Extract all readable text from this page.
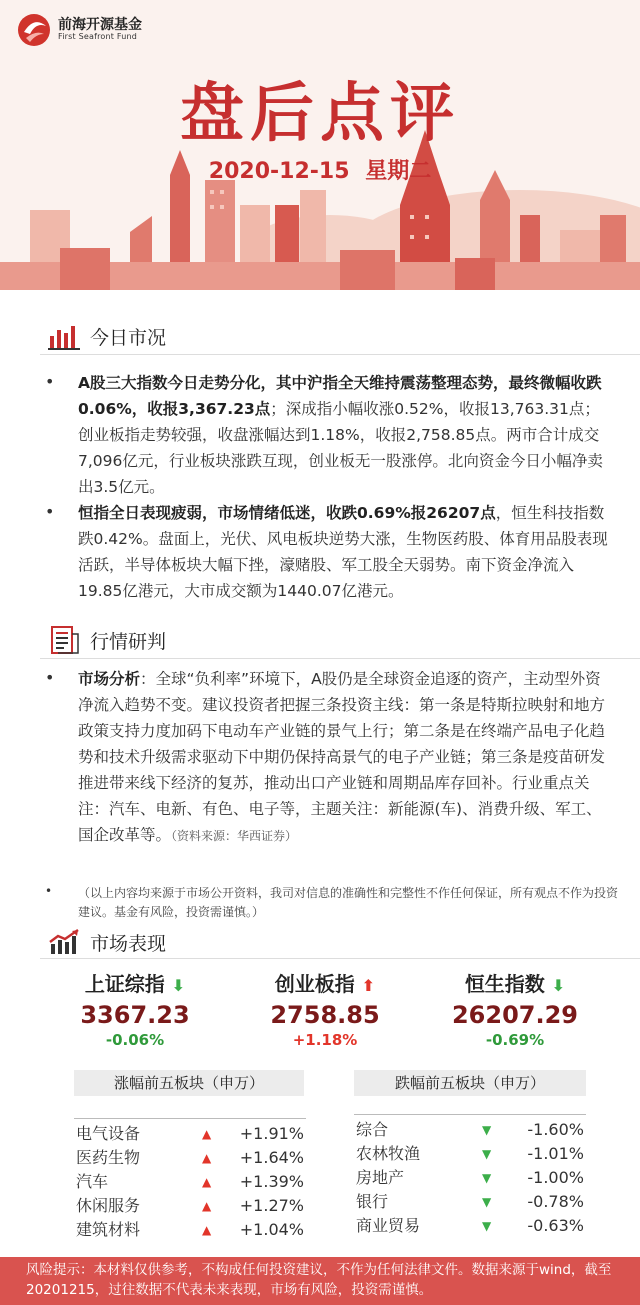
前海开源基金
First Seafront Fund
盘后点评
2020-12-15 星期二
今日市况
• A股三大指数今日走势分化，其中沪指全天维持震荡整理态势，最终微幅收跌0.06%，收报3,367.23点；深成指小幅收涨0.52%，收报13,763.31点；创业板指走势较强，收盘涨幅达到1.18%，收报2,758.85点。两市合计成交7,096亿元，行业板块涨跌互现，创业板无一股涨停。北向资金今日小幅净卖出3.5亿元。
• 恒指全日表现疲弱，市场情绪低迷，收跌0.69%报26207点，恒生科技指数跌0.42%。盘面上，光伏、风电板块逆势大涨，生物医药股、体育用品股表现活跃，半导体板块大幅下挫，濠赌股、军工股全天弱势。南下资金净流入19.85亿港元，大市成交额为1440.07亿港元。
行情研判
• 市场分析：全球“负利率”环境下，A股仍是全球资金追逐的资产，主动型外资净流入趋势不变。建议投资者把握三条投资主线：第一条是特斯拉映射和地方政策支持力度加码下电动车产业链的景气上行；第二条是在终端产品电子化趋势和技术升级需求驱动下中期仍保持高景气的电子产业链；第三条是疫苗研发推进带来线下经济的复苏，推动出口产业链和周期品库存回补。行业重点关注：汽车、电新、有色、电子等，主题关注：新能源(车)、消费升级、军工、国企改革等。（资料来源：华西证券）
• （以上内容均来源于市场公开资料，我司对信息的准确性和完整性不作任何保证，所有观点不作为投资建议。基金有风险，投资需谨慎。）
市场表现
上证综指 ⬇
3367.23
-0.06%
创业板指 ⬆
2758.85
+1.18%
恒生指数 ⬇
26207.29
-0.69%
涨幅前五板块（申万）
电气设备	▲ +1.91%
医药生物	▲ +1.64%
汽车	▲ +1.39%
休闲服务	▲ +1.27%
建筑材料	▲ +1.04%
跌幅前五板块（申万）
综合	▼ -1.60%
农林牧渔	▼ -1.01%
房地产	▼ -1.00%
银行	▼ -0.78%
商业贸易	▼ -0.63%
风险提示：本材料仅供参考，不构成任何投资建议，不作为任何法律文件。数据来源于wind，截至20201215，过往数据不代表未来表现，市场有风险，投资需谨慎。
